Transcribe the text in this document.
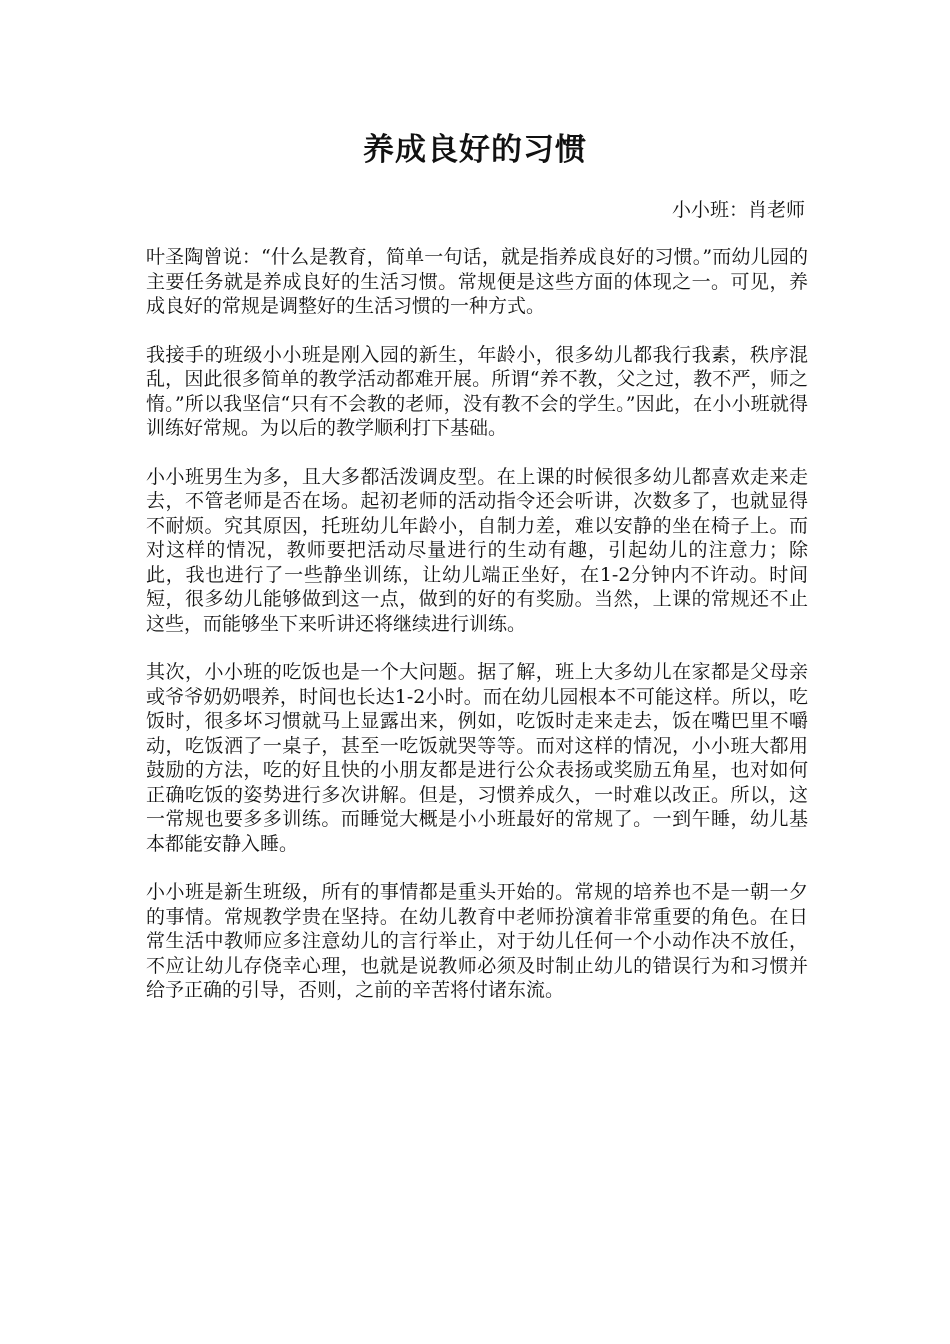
养成良好的习惯

小小班：肖老师

叶圣陶曾说：“什么是教育，简单一句话，就是指养成良好的习惯。”而幼儿园的主要任务就是养成良好的生活习惯。常规便是这些方面的体现之一。可见，养成良好的常规是调整好的生活习惯的一种方式。

我接手的班级小小班是刚入园的新生，年龄小，很多幼儿都我行我素，秩序混乱，因此很多简单的教学活动都难开展。所谓“养不教，父之过，教不严，师之惰。”所以我坚信“只有不会教的老师，没有教不会的学生。”因此，在小小班就得训练好常规。为以后的教学顺利打下基础。

小小班男生为多，且大多都活泼调皮型。在上课的时候很多幼儿都喜欢走来走去，不管老师是否在场。起初老师的活动指令还会听讲，次数多了，也就显得不耐烦。究其原因，托班幼儿年龄小，自制力差，难以安静的坐在椅子上。而对这样的情况，教师要把活动尽量进行的生动有趣，引起幼儿的注意力；除此，我也进行了一些静坐训练，让幼儿端正坐好，在1-2分钟内不许动。时间短，很多幼儿能够做到这一点，做到的好的有奖励。当然，上课的常规还不止这些，而能够坐下来听讲还将继续进行训练。

其次，小小班的吃饭也是一个大问题。据了解，班上大多幼儿在家都是父母亲或爷爷奶奶喂养，时间也长达1-2小时。而在幼儿园根本不可能这样。所以，吃饭时，很多坏习惯就马上显露出来，例如，吃饭时走来走去，饭在嘴巴里不嚼动，吃饭洒了一桌子，甚至一吃饭就哭等等。而对这样的情况，小小班大都用鼓励的方法，吃的好且快的小朋友都是进行公众表扬或奖励五角星，也对如何正确吃饭的姿势进行多次讲解。但是，习惯养成久，一时难以改正。所以，这一常规也要多多训练。而睡觉大概是小小班最好的常规了。一到午睡，幼儿基本都能安静入睡。

小小班是新生班级，所有的事情都是重头开始的。常规的培养也不是一朝一夕的事情。常规教学贵在坚持。在幼儿教育中老师扮演着非常重要的角色。在日常生活中教师应多注意幼儿的言行举止，对于幼儿任何一个小动作决不放任，不应让幼儿存侥幸心理，也就是说教师必须及时制止幼儿的错误行为和习惯并给予正确的引导，否则，之前的辛苦将付诸东流。
